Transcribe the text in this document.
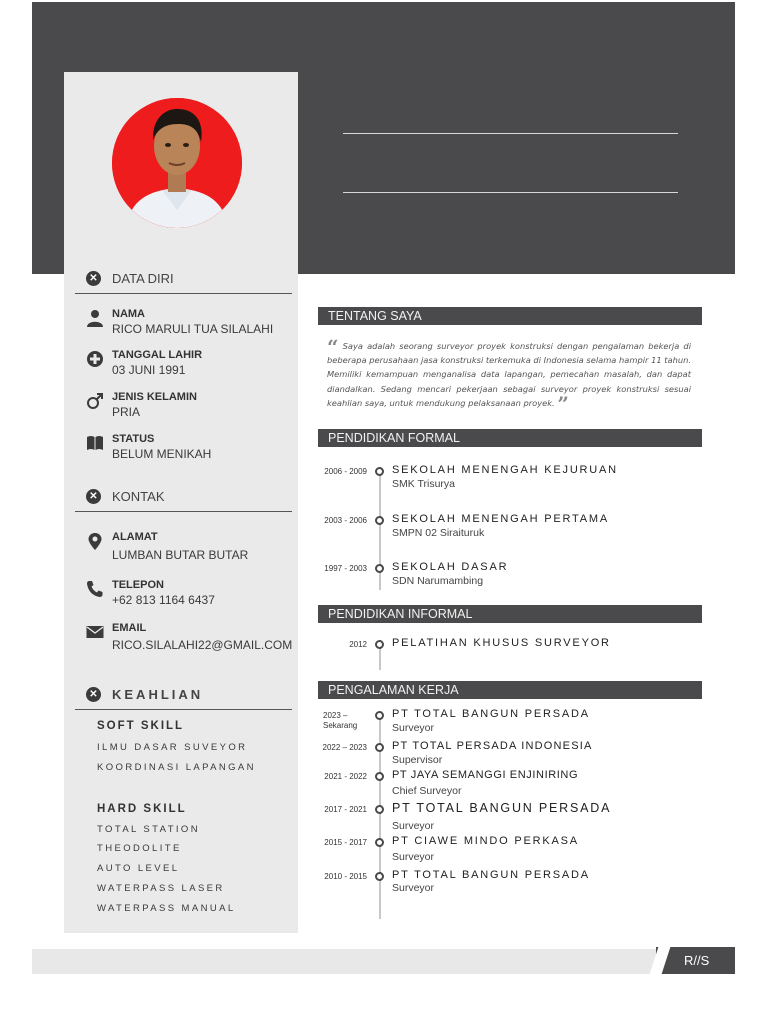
✕ DATA DIRI
NAMA
RICO MARULI TUA SILALAHI
TANGGAL LAHIR
03 JUNI 1991
JENIS KELAMIN
PRIA
STATUS
BELUM MENIKAH
✕ KONTAK
ALAMAT
LUMBAN BUTAR BUTAR
TELEPON
+62 813 1164 6437
EMAIL
RICO.SILALAHI22@GMAIL.COM
✕ KEAHLIAN
SOFT SKILL
ILMU DASAR SUVEYOR
KOORDINASI LAPANGAN
HARD SKILL
TOTAL STATION
THEODOLITE
AUTO LEVEL
WATERPASS LASER
WATERPASS MANUAL
TENTANG SAYA
“ Saya adalah seorang surveyor proyek konstruksi dengan pengalaman bekerja di beberapa perusahaan jasa konstruksi terkemuka di Indonesia selama hampir 11 tahun. Memiliki kemampuan menganalisa data lapangan, pemecahan masalah, dan dapat diandalkan. Sedang mencari pekerjaan sebagai surveyor proyek konstruksi sesuai keahlian saya, untuk mendukung pelaksanaan proyek. ”
PENDIDIKAN FORMAL
2006 - 2009 SEKOLAH MENENGAH KEJURUAN
SMK Trisurya
2003 - 2006 SEKOLAH MENENGAH PERTAMA
SMPN 02 Siraituruk
1997 - 2003 SEKOLAH DASAR
SDN Narumambing
PENDIDIKAN INFORMAL
2012 PELATIHAN KHUSUS SURVEYOR
PENGALAMAN KERJA
2023 –
Sekarang
PT TOTAL BANGUN PERSADA
Surveyor
2022 – 2023 PT TOTAL PERSADA INDONESIA
Supervisor
2021 - 2022 PT JAYA SEMANGGI ENJINIRING
Chief Surveyor
2017 - 2021 PT TOTAL BANGUN PERSADA
Surveyor
2015 - 2017 PT CIAWE MINDO PERKASA
Surveyor
2010 - 2015 PT TOTAL BANGUN PERSADA
Surveyor
R//S
